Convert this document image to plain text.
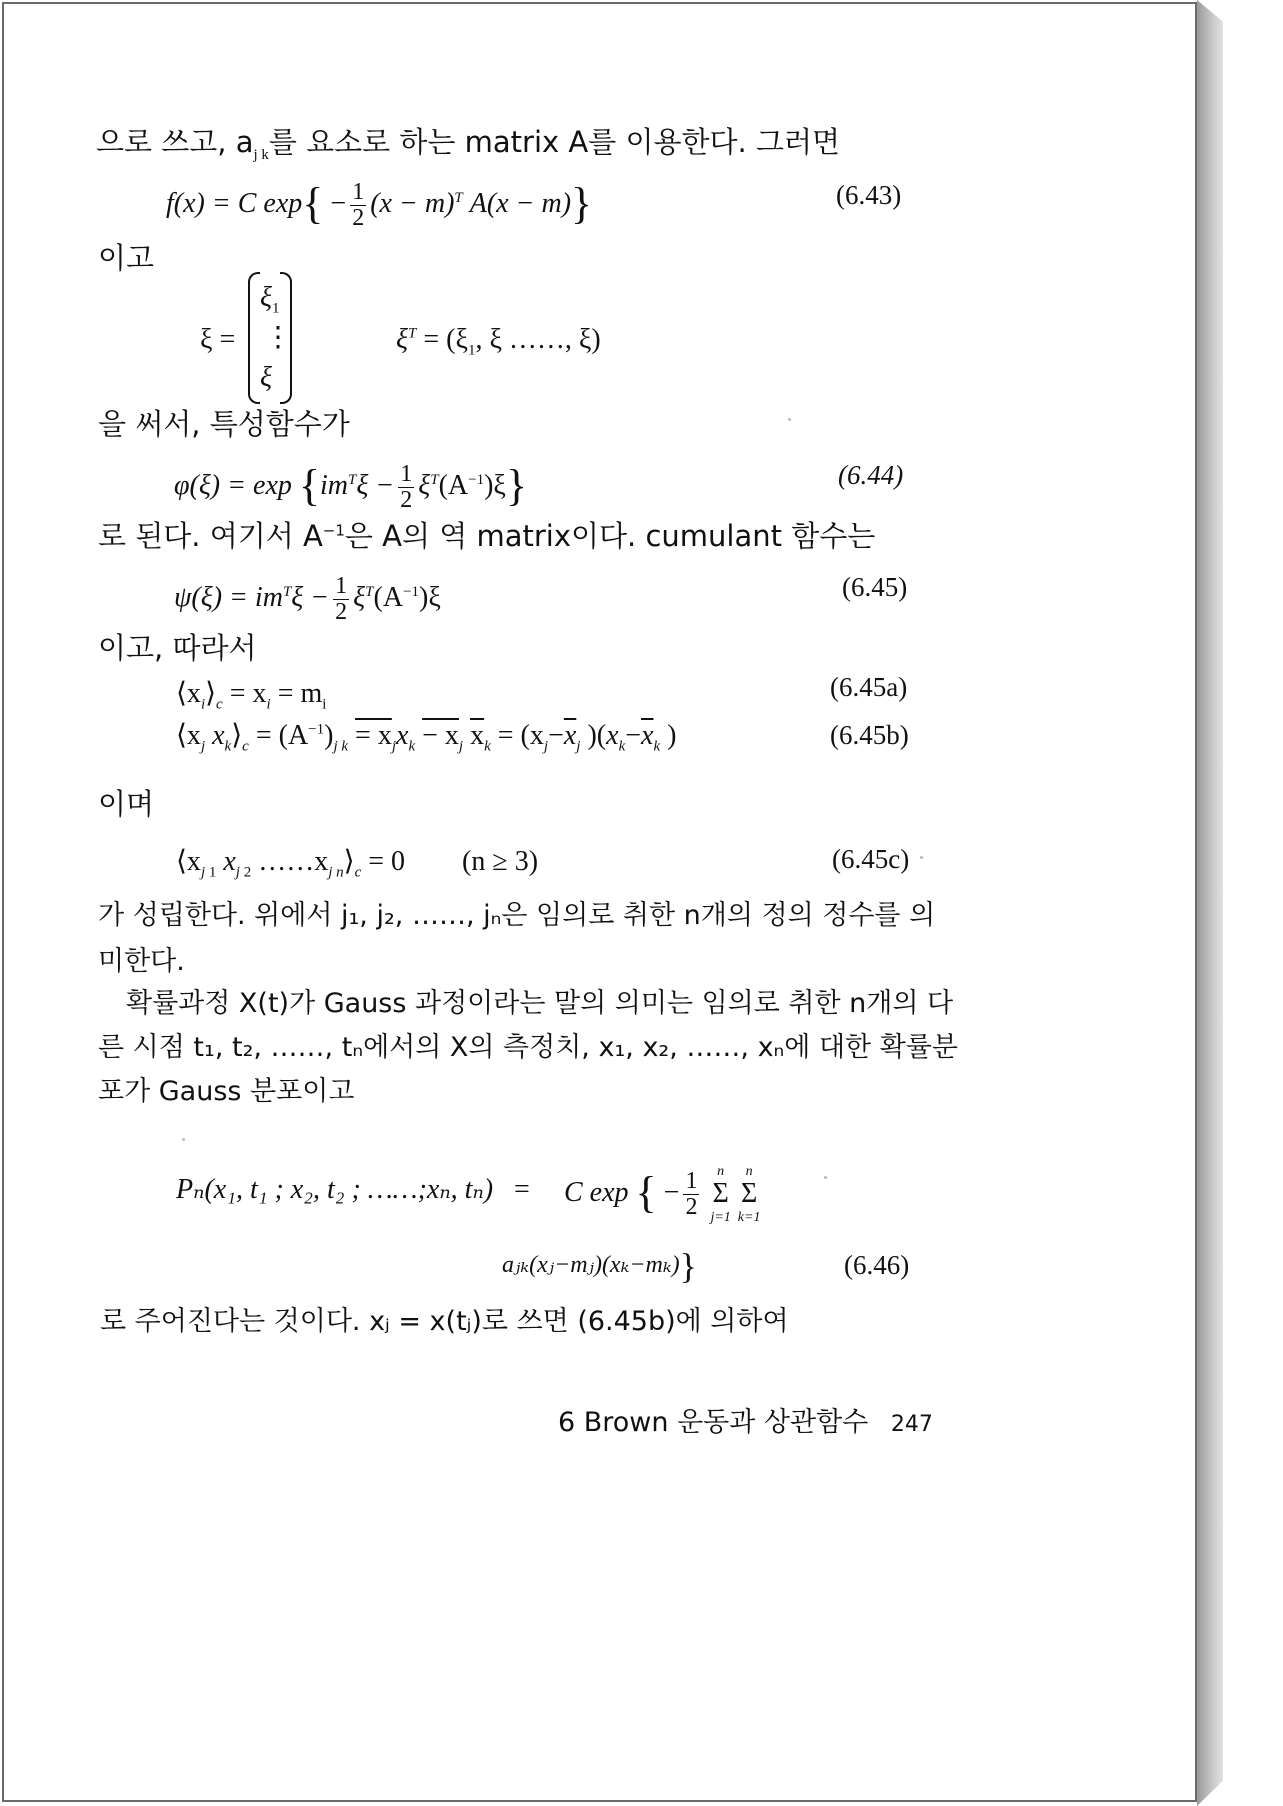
으로 쓰고, $a_{j k}$를 요소로 하는 matrix A를 이용한다. 그러면
f(x) = C $\exp\{ - \frac{1}{2} (x - m)^T$ A(x − m)}	(6.43)
이고
ξ =
$\xi_1$
⋮
ξ
$\xi^T = (\xi_1$, ξ ……, ξ)
을 써서, 특성함수가
$\varphi(\xi) = \exp \{im^T\xi - \frac{1}{2} \xi^T(A^{-1})\xi\}$	(6.44)
로 된다. 여기서 $A^{-1}$은 A의 역 matrix이다. cumulant 함수는
$\psi(\xi) = im^T\xi - \frac{1}{2} \xi^T(A^{-1})\xi$	(6.45)
이고, 따라서
$⟨x_i⟩_c = x_i = m_i$
(6.45a)
$⟨x_j$ $x_k⟩_c = (A^{-1})_{j k} = x_jx_k - x_j$ $\overline{x}_k = (x_j-\overline{x}_j$ )($x_k-\overline{x}_k$ )	(6.45b)
이며
$⟨x_{j 1}$ $x_{j 2}$ $\dots\dots x_{j n}⟩_c = 0$ (n ≥ 3)	(6.45c)
가 성립한다. 위에서 j₁, j₂, ……, jₙ은 임의로 취한 n개의 정의 정수를 의
미한다.
확률과정 X(t)가 Gauss 과정이라는 말의 의미는 임의로 취한 n개의 다
른 시점 t₁, t₂, ……, tₙ에서의 X의 측정치, x₁, x₂, ……, xₙ에 대한 확률분
포가 Gauss 분포이고
Pₙ(x₁, t₁ ; x₂, t₂ ; ……;xₙ, tₙ) = C exp { − $\frac{1}{2}$ n
Σ
j=1 n
Σ
k=1
aⱼₖ(xⱼ−mⱼ)(xₖ−mₖ)}	(6.46)
로 주어진다는 것이다. xⱼ = x(tⱼ)로 쓰면 (6.45b)에 의하여
6 Brown 운동과 상관함수 247
